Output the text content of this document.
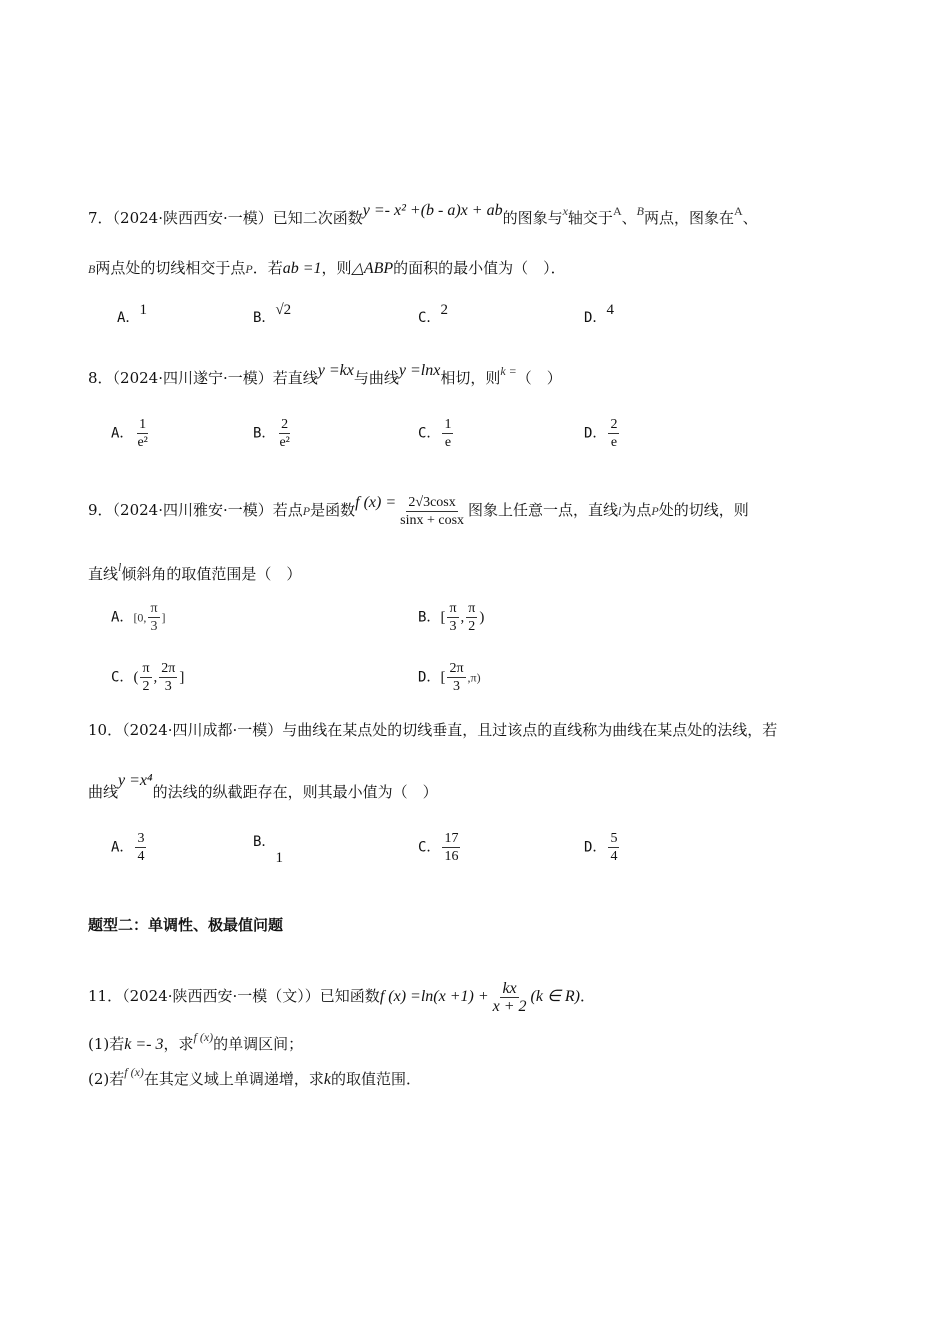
7．（2024·陕西西安·一模）已知二次函数y =- x² +(b - a)x + ab的图象与$^x$轴交于$^A$、$^B$两点，图象在$^A$、
B两点处的切线相交于点P．若ab =1，则△ABP的面积的最小值为（　）．
A．1	B．√2	C．2	D．4
8．（2024·四川遂宁·一模）若直线y =kx与曲线y =lnx相切，则$^{k =}$（　）
A． $\frac{1}{\text{e²}}$	B． $\frac{2}{\text{e²}}$	C． $\frac{1}{e}$	D． $\frac{2}{e}$
9．（2024·四川雅安·一模）若点P是函数f $(x) = \frac{2√3\cos x}{\sin x + \cos x}$ 图象上任意一点，直线l为点P处的切线，则
直线$^l$倾斜角的取值范围是（　）
A．[0, $\frac{\pi}{3}$ ]	B．[ $\frac{\pi}{3}$ , $\frac{\pi}{2}$ )
C．( $\frac{\pi}{2}$ , $\frac{2\pi}{3}$ ]	D．[ $\frac{2\pi}{3} ,\pi$)
10．（2024·四川成都·一模）与曲线在某点处的切线垂直，且过该点的直线称为曲线在某点处的法线，若
曲线y =x⁴的法线的纵截距存在，则其最小值为（　）
A． $\frac{3}{4}$	B．1
C． $\frac{17}{16}$	D． $\frac{5}{4}$
题型二：单调性、极最值问题
11．（2024·陕西西安·一模（文））已知函数f $(x) =\ln(x +1) + \frac{kx}{x + 2} (k$ ∈ R)．
(1)若k =- 3，求$^{f (x)}$的单调区间；
(2)若$^{f (x)}$在其定义域上单调递增，求k的取值范围．
